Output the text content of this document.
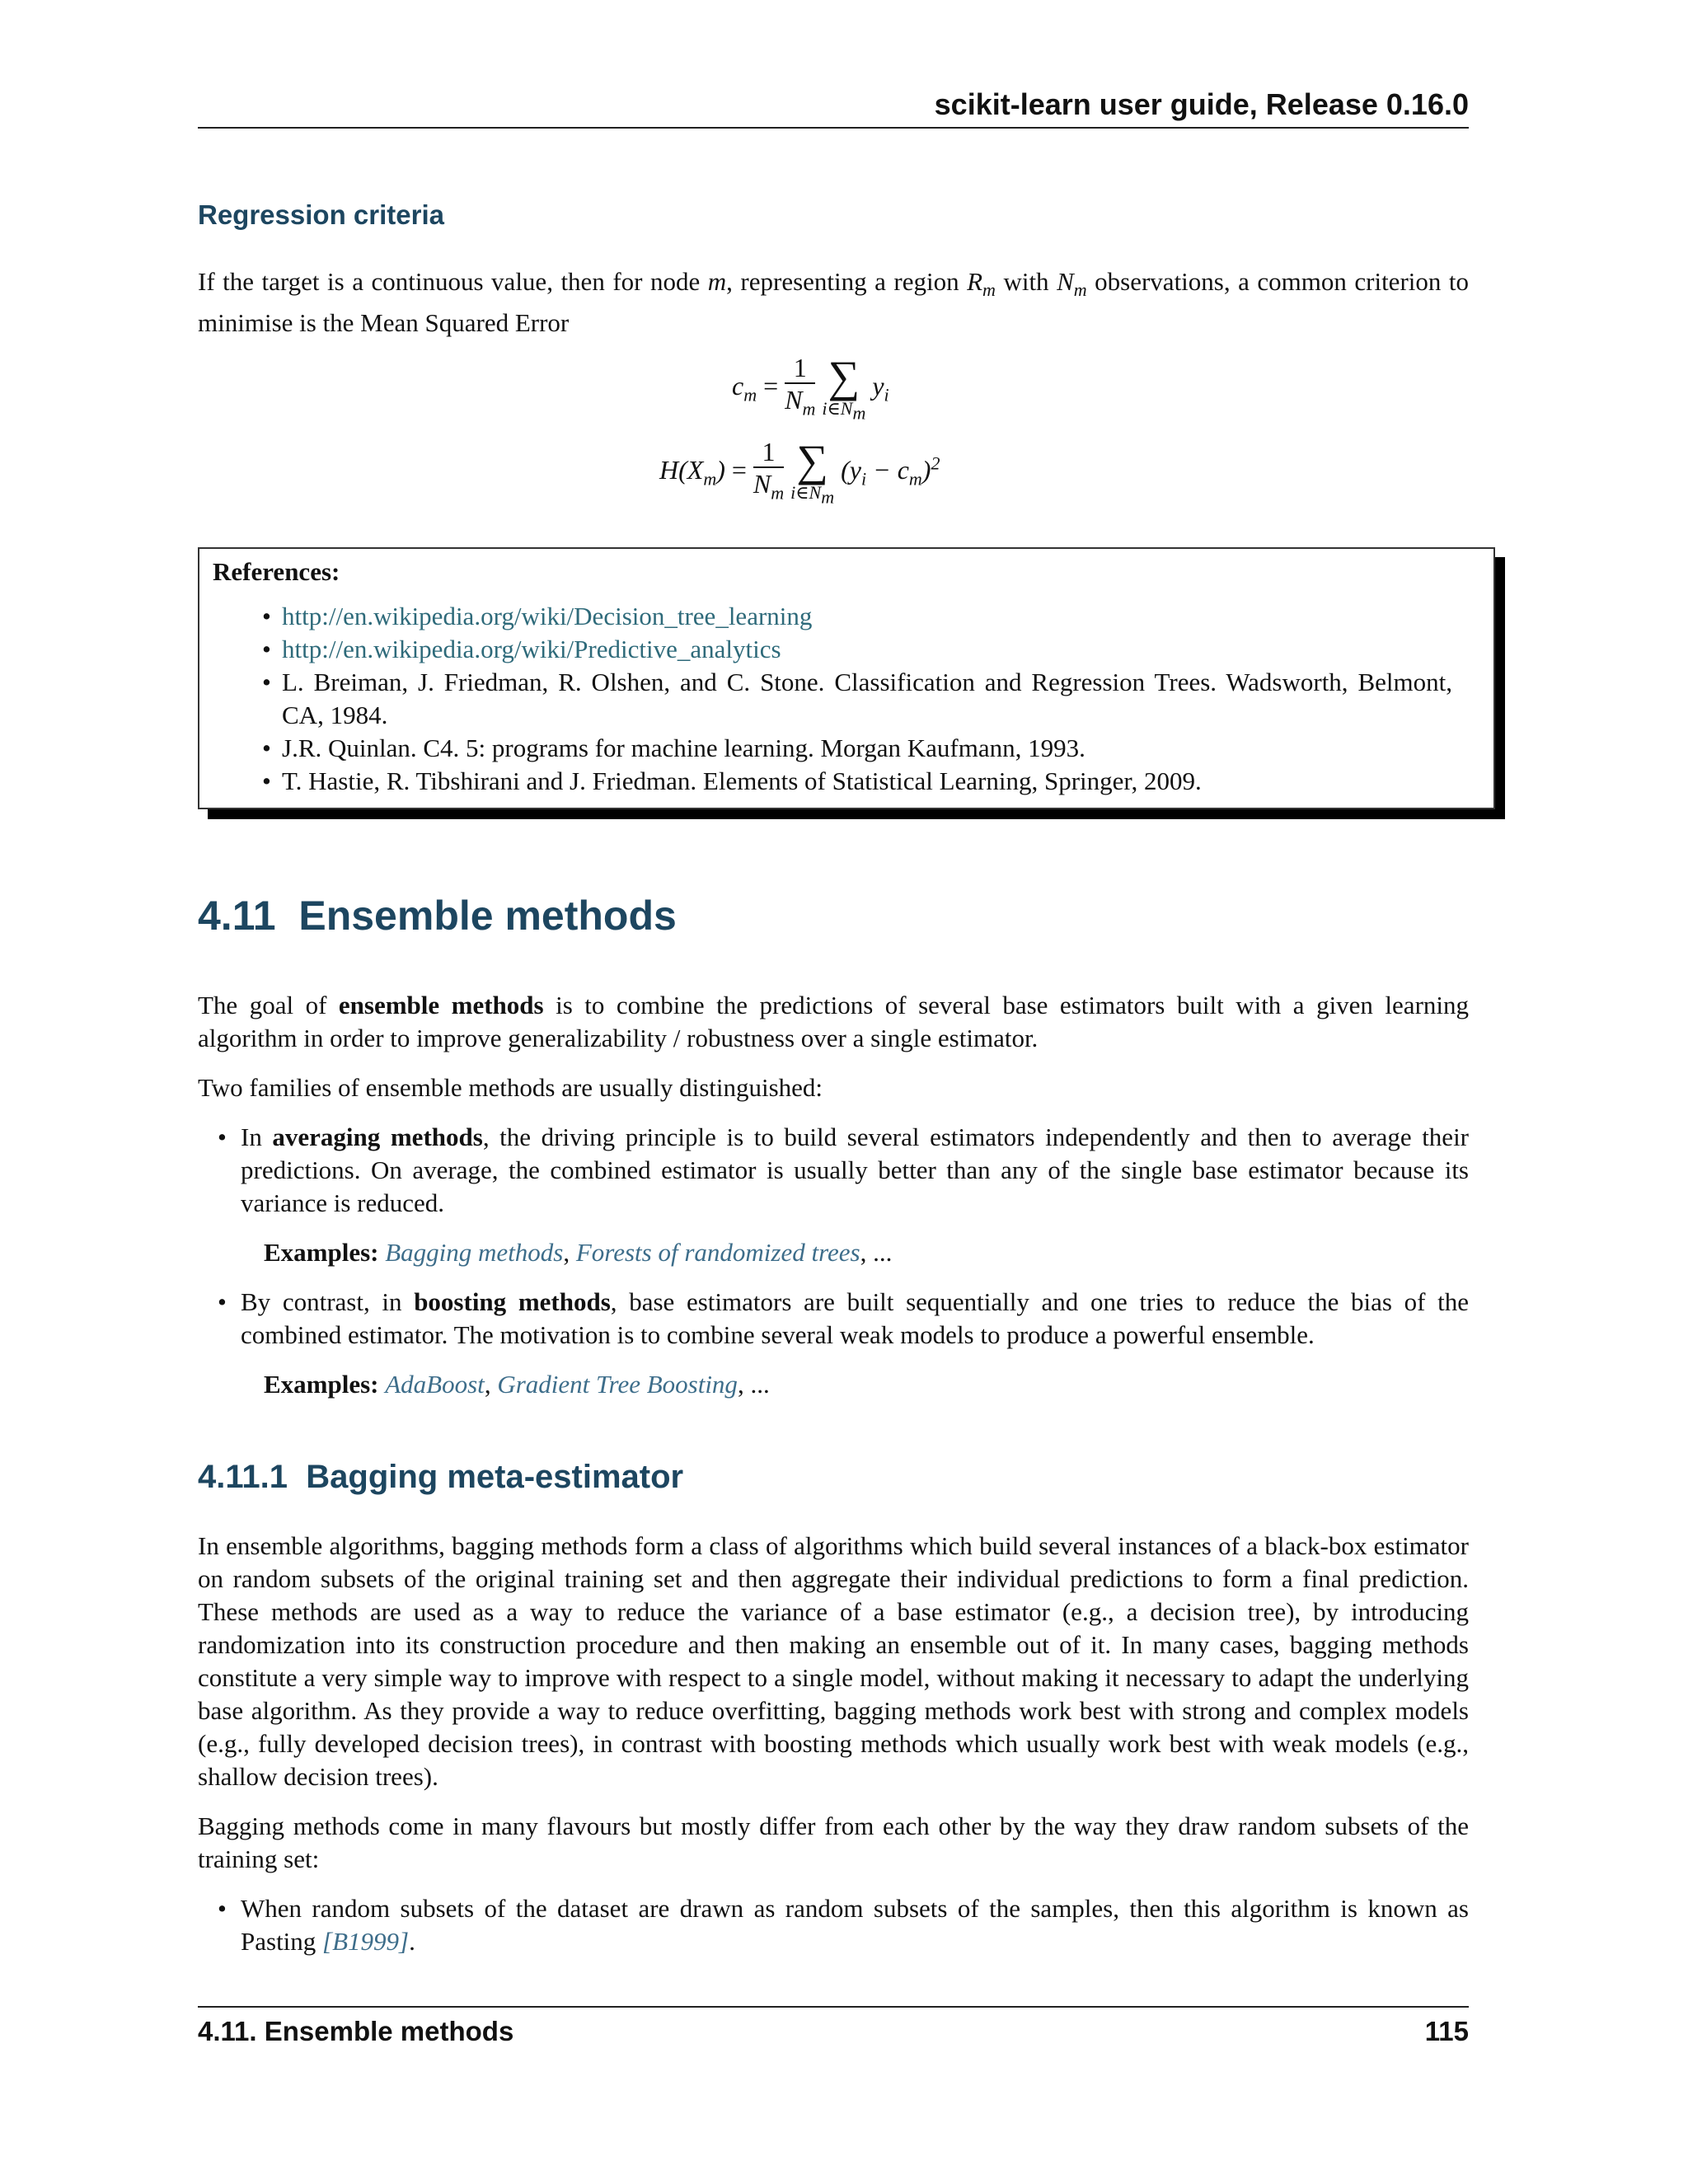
scikit-learn user guide, Release 0.16.0
Regression criteria

If the target is a continuous value, then for node m, representing a region $R_m$ with $N_m$ observations, a common criterion to minimise is the Mean Squared Error

$c_m = \frac{1}{N_m}$
∑
$i\in N_m$
$y_i$
$H(X_m) = \frac{1}{N_m}$
∑
$i\in N_m$
$(y_i - c_m)^2$
References:
• http://en.wikipedia.org/wiki/Decision_tree_learning
• http://en.wikipedia.org/wiki/Predictive_analytics
• L. Breiman, J. Friedman, R. Olshen, and C. Stone. Classification and Regression Trees. Wadsworth, Belmont, CA, 1984.
• J.R. Quinlan. C4. 5: programs for machine learning. Morgan Kaufmann, 1993.
• T. Hastie, R. Tibshirani and J. Friedman. Elements of Statistical Learning, Springer, 2009.
4.11 Ensemble methods

The goal of ensemble methods is to combine the predictions of several base estimators built with a given learning algorithm in order to improve generalizability / robustness over a single estimator.

Two families of ensemble methods are usually distinguished:

• In averaging methods, the driving principle is to build several estimators independently and then to average their predictions. On average, the combined estimator is usually better than any of the single base estimator because its variance is reduced.
Examples: Bagging methods, Forests of randomized trees, ...
• By contrast, in boosting methods, base estimators are built sequentially and one tries to reduce the bias of the combined estimator. The motivation is to combine several weak models to produce a powerful ensemble.
Examples: AdaBoost, Gradient Tree Boosting, ...
4.11.1 Bagging meta-estimator

In ensemble algorithms, bagging methods form a class of algorithms which build several instances of a black-box estimator on random subsets of the original training set and then aggregate their individual predictions to form a final prediction. These methods are used as a way to reduce the variance of a base estimator (e.g., a decision tree), by introducing randomization into its construction procedure and then making an ensemble out of it. In many cases, bagging methods constitute a very simple way to improve with respect to a single model, without making it necessary to adapt the underlying base algorithm. As they provide a way to reduce overfitting, bagging methods work best with strong and complex models (e.g., fully developed decision trees), in contrast with boosting methods which usually work best with weak models (e.g., shallow decision trees).

Bagging methods come in many flavours but mostly differ from each other by the way they draw random subsets of the training set:

• When random subsets of the dataset are drawn as random subsets of the samples, then this algorithm is known as Pasting [B1999].
4.11. Ensemble methods	115
